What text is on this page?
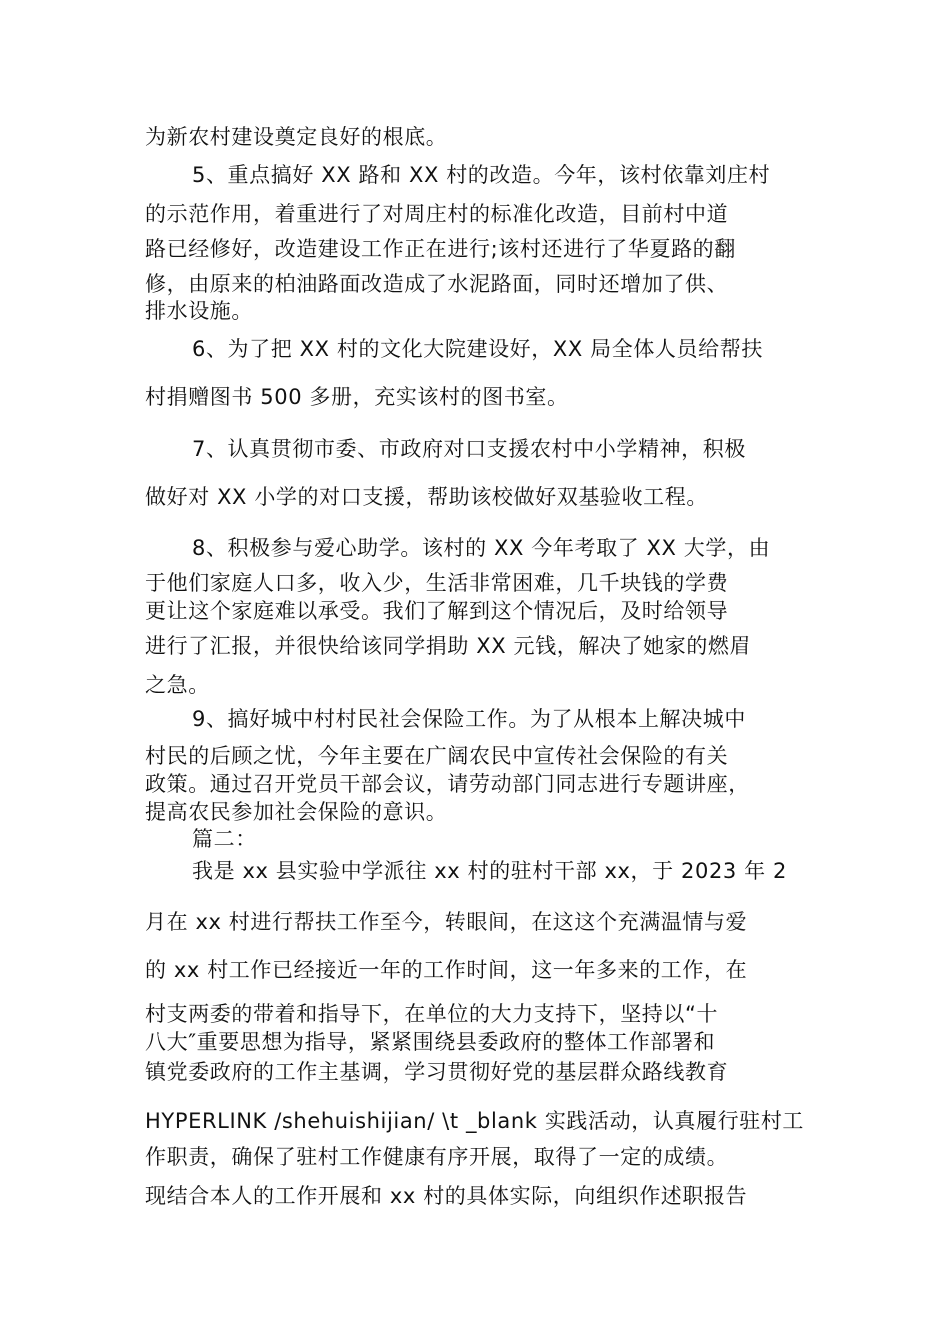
为新农村建设奠定良好的根底。
5、重点搞好 XX 路和 XX 村的改造。今年，该村依靠刘庄村
的示范作用，着重进行了对周庄村的标准化改造，目前村中道
路已经修好，改造建设工作正在进行;该村还进行了华夏路的翻
修，由原来的柏油路面改造成了水泥路面，同时还增加了供、
排水设施。
6、为了把 XX 村的文化大院建设好，XX 局全体人员给帮扶
村捐赠图书 500 多册，充实该村的图书室。
7、认真贯彻市委、市政府对口支援农村中小学精神，积极
做好对 XX 小学的对口支援，帮助该校做好双基验收工程。
8、积极参与爱心助学。该村的 XX 今年考取了 XX 大学，由
于他们家庭人口多，收入少，生活非常困难，几千块钱的学费
更让这个家庭难以承受。我们了解到这个情况后，及时给领导
进行了汇报，并很快给该同学捐助 XX 元钱，解决了她家的燃眉
之急。
9、搞好城中村村民社会保险工作。为了从根本上解决城中
村民的后顾之忧，今年主要在广阔农民中宣传社会保险的有关
政策。通过召开党员干部会议，请劳动部门同志进行专题讲座，
提高农民参加社会保险的意识。
篇二：
我是 xx 县实验中学派往 xx 村的驻村干部 xx，于 2023 年 2
月在 xx 村进行帮扶工作至今，转眼间，在这这个充满温情与爱
的 xx 村工作已经接近一年的工作时间，这一年多来的工作，在
村支两委的带着和指导下，在单位的大力支持下，坚持以“十
八大″重要思想为指导，紧紧围绕县委政府的整体工作部署和
镇党委政府的工作主基调，学习贯彻好党的基层群众路线教育
HYPERLINK /shehuishijian/ \t _blank 实践活动，认真履行驻村工
作职责，确保了驻村工作健康有序开展，取得了一定的成绩。
现结合本人的工作开展和 xx 村的具体实际，向组织作述职报告
